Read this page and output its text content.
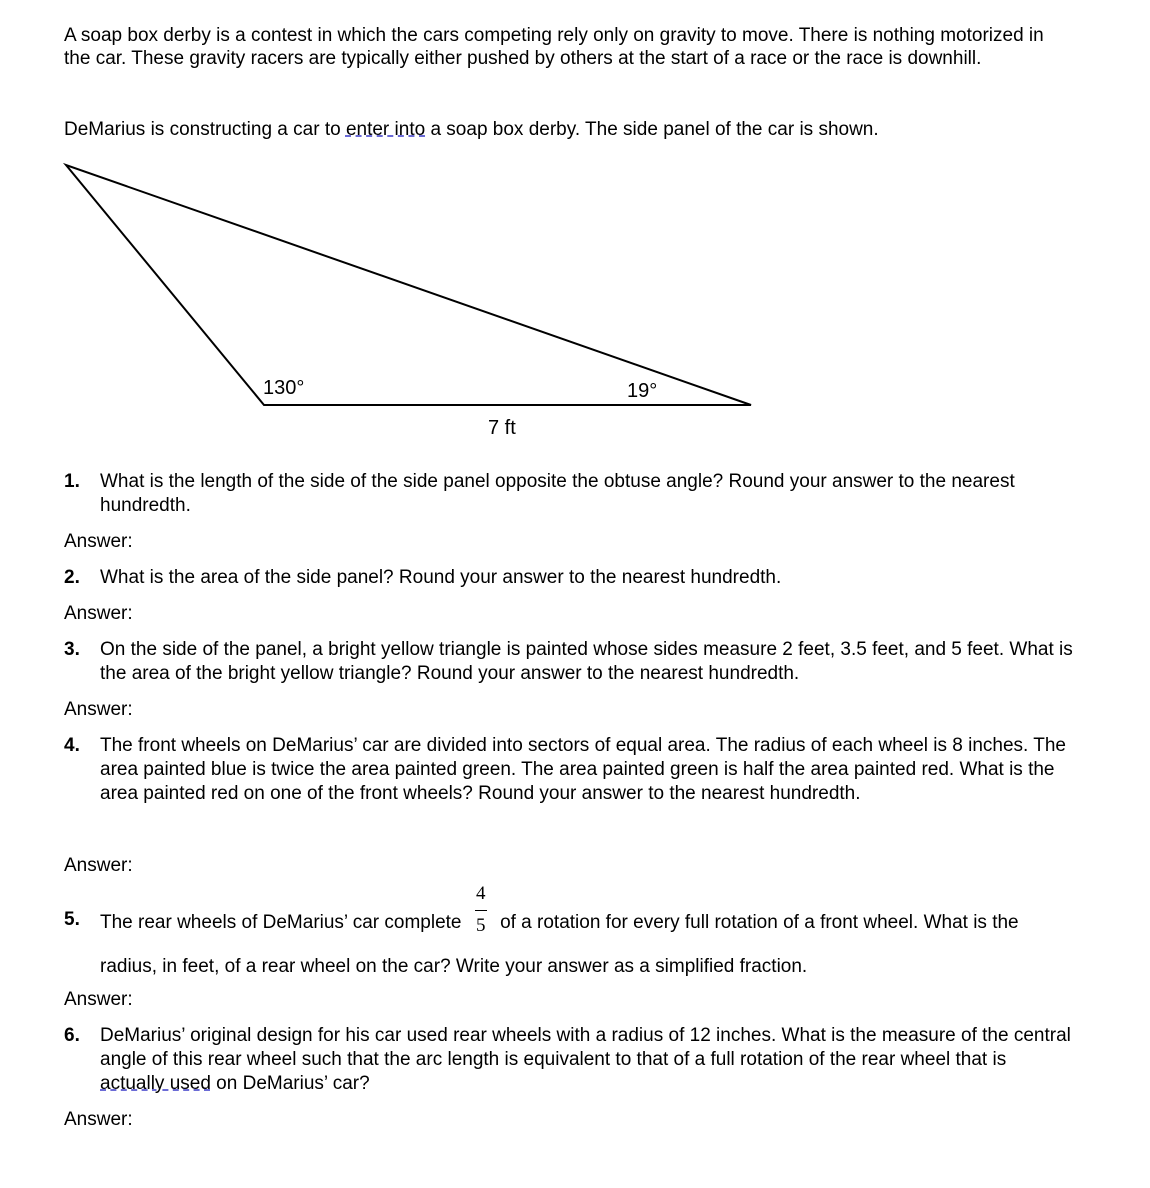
A soap box derby is a contest in which the cars competing rely only on gravity to move. There is nothing motorized in the car. These gravity racers are typically either pushed by others at the start of a race or the race is downhill.

DeMarius is constructing a car to enter into a soap box derby. The side panel of the car is shown.

130°	19°
7 ft
1. What is the length of the side of the side panel opposite the obtuse angle? Round your answer to the nearest hundredth.
Answer:
2. What is the area of the side panel? Round your answer to the nearest hundredth.
Answer:
3. On the side of the panel, a bright yellow triangle is painted whose sides measure 2 feet, 3.5 feet, and 5 feet. What is the area of the bright yellow triangle? Round your answer to the nearest hundredth.
Answer:
4. The front wheels on DeMarius’ car are divided into sectors of equal area. The radius of each wheel is 8 inches. The area painted blue is twice the area painted green. The area painted green is half the area painted red. What is the area painted red on one of the front wheels? Round your answer to the nearest hundredth.
Answer:
5. The rear wheels of DeMarius’ car complete $\frac{4}{5}$ of a rotation for every full rotation of a front wheel. What is the
radius, in feet, of a rear wheel on the car? Write your answer as a simplified fraction.
Answer:
6. DeMarius’ original design for his car used rear wheels with a radius of 12 inches. What is the measure of the central angle of this rear wheel such that the arc length is equivalent to that of a full rotation of the rear wheel that is actually used on DeMarius’ car?
Answer:
